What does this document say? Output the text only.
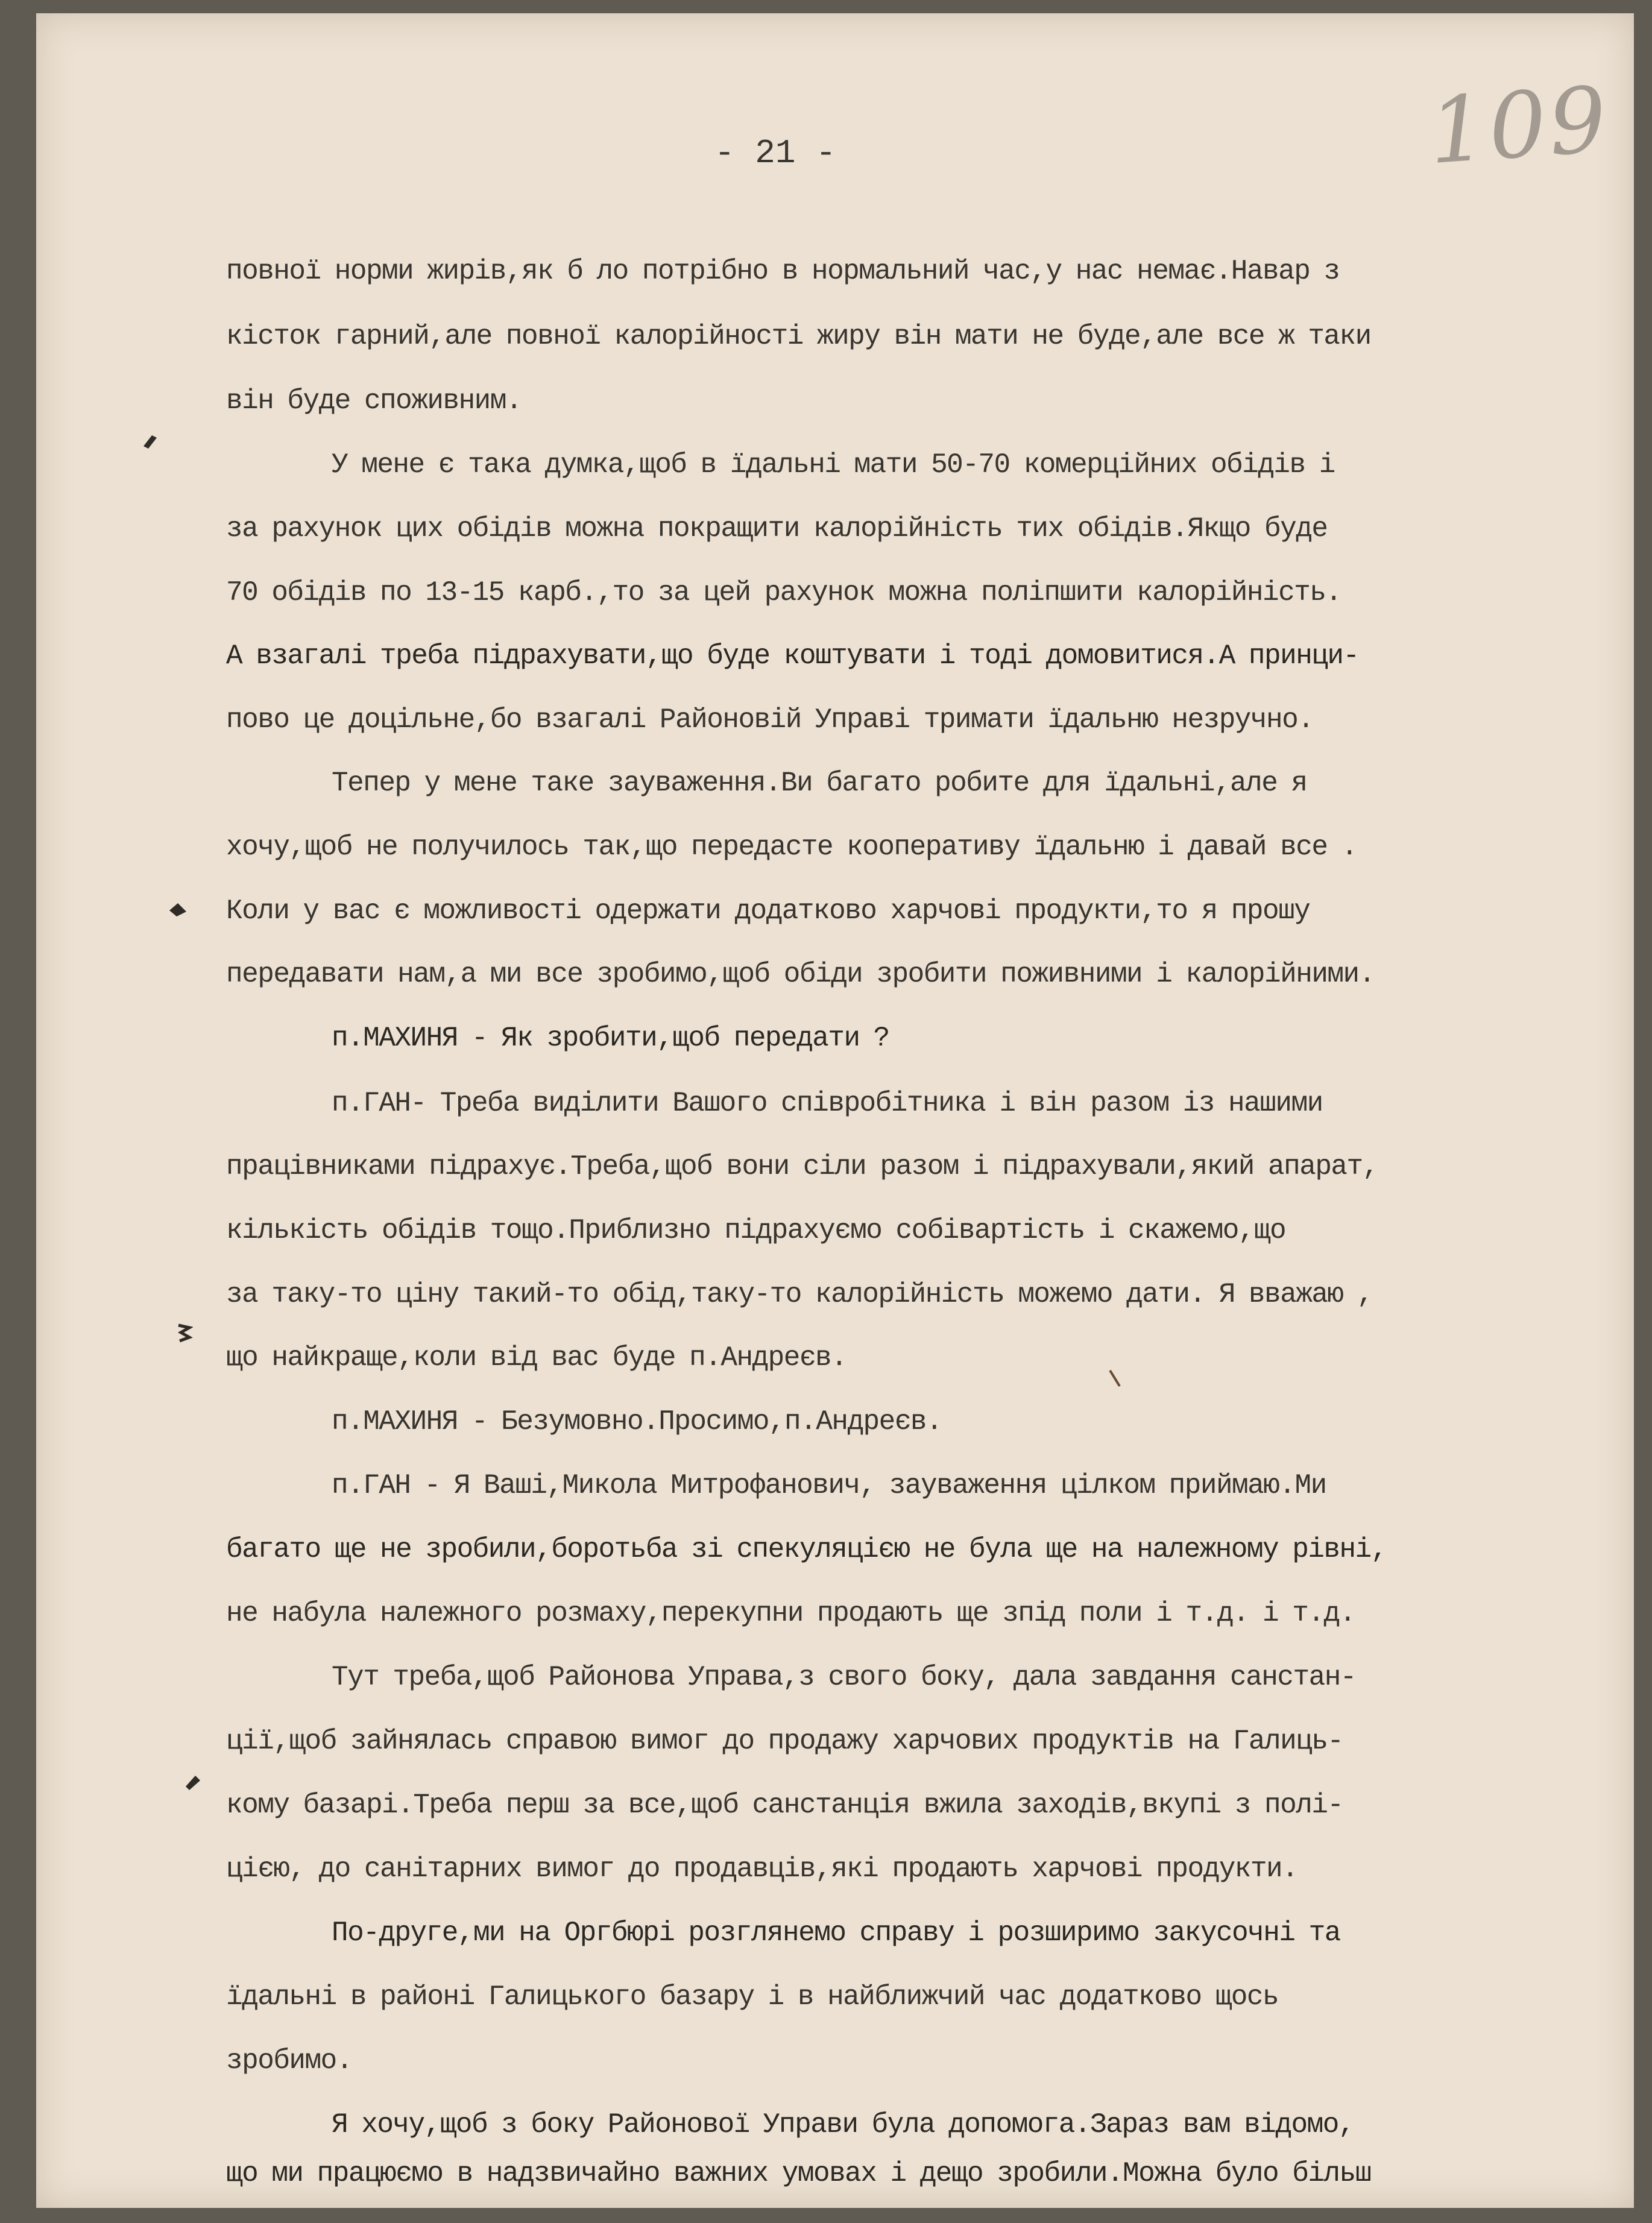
109
- 21 -
повної норми жирів,як б ло потрібно в нормальний час,у нас немає.Навар з
кісток гарний,але повної калорійності жиру він мати не буде,але все ж таки
він буде споживним.
У мене є така думка,щоб в їдальні мати 50-70 комерційних обідів і
за рахунок цих обідів можна покращити калорійність тих обідів.Якщо буде
70 обідів по 13-15 карб.,то за цей рахунок можна поліпшити калорійність.
А взагалі треба підрахувати,що буде коштувати і тоді домовитися.А принци-
пово це доцільне,бо взагалі Районовій Управі тримати їдальню незручно.
Тепер у мене таке зауваження.Ви багато робите для їдальні,але я
хочу,щоб не получилось так,що передасте кооперативу їдальню і давай все .
Коли у вас є можливості одержати додатково харчові продукти,то я прошу
передавати нам,а ми все зробимо,щоб обіди зробити поживними і калорійними.
п.МАХИНЯ - Як зробити,щоб передати ?
п.ГАН- Треба виділити Вашого співробітника і він разом із нашими
працівниками підрахує.Треба,щоб вони сіли разом і підрахували,який апарат,
кількість обідів тощо.Приблизно підрахуємо собівартість і скажемо,що
за таку-то ціну такий-то обід,таку-то калорійність можемо дати. Я вважаю ,
що найкраще,коли від вас буде п.Андреєв.
п.МАХИНЯ - Безумовно.Просимо,п.Андреєв.
п.ГАН - Я Ваші,Микола Митрофанович, зауваження цілком приймаю.Ми
багато ще не зробили,боротьба зі спекуляцією не була ще на належному рівні,
не набула належного розмаху,перекупни продають ще зпід поли і т.д. і т.д.
Тут треба,щоб Районова Управа,з свого боку, дала завдання санстан-
ції,щоб зайнялась справою вимог до продажу харчових продуктів на Галиць-
кому базарі.Треба перш за все,щоб санстанція вжила заходів,вкупі з полі-
цією, до санітарних вимог до продавців,які продають харчові продукти.
По-друге,ми на Оргбюрі розглянемо справу і розширимо закусочні та
їдальні в районі Галицького базару і в найближчий час додатково щось
зробимо.
Я хочу,щоб з боку Районової Управи була допомога.Зараз вам відомо,
що ми працюємо в надзвичайно важних умовах і дещо зробили.Можна було більш
